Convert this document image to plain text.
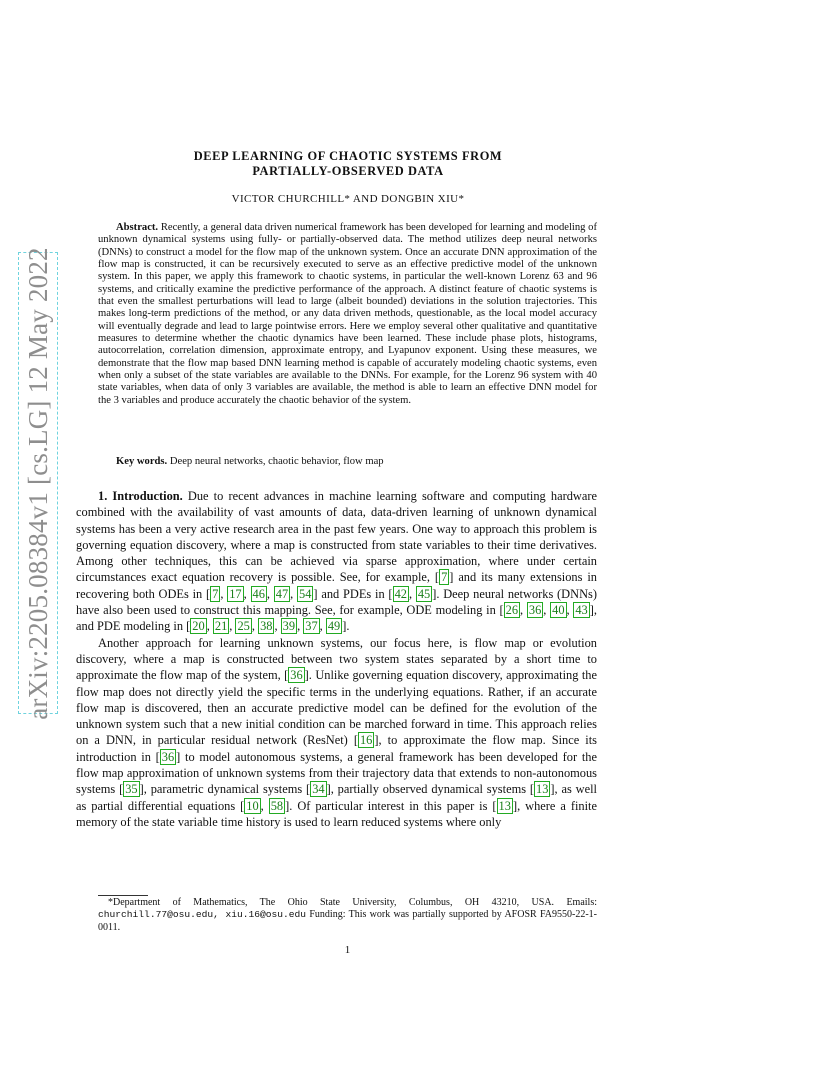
arXiv:2205.08384v1 [cs.LG] 12 May 2022
DEEP LEARNING OF CHAOTIC SYSTEMS FROM
PARTIALLY-OBSERVED DATA
VICTOR CHURCHILL* AND DONGBIN XIU*
Abstract. Recently, a general data driven numerical framework has been developed for learning and modeling of unknown dynamical systems using fully- or partially-observed data. The method utilizes deep neural networks (DNNs) to construct a model for the flow map of the unknown system. Once an accurate DNN approximation of the flow map is constructed, it can be recursively executed to serve as an effective predictive model of the unknown system. In this paper, we apply this framework to chaotic systems, in particular the well-known Lorenz 63 and 96 systems, and critically examine the predictive performance of the approach. A distinct feature of chaotic systems is that even the smallest perturbations will lead to large (albeit bounded) deviations in the solution trajectories. This makes long-term predictions of the method, or any data driven methods, questionable, as the local model accuracy will eventually degrade and lead to large pointwise errors. Here we employ several other qualitative and quantitative measures to determine whether the chaotic dynamics have been learned. These include phase plots, histograms, autocorrelation, correlation dimension, approximate entropy, and Lyapunov exponent. Using these measures, we demonstrate that the flow map based DNN learning method is capable of accurately modeling chaotic systems, even when only a subset of the state variables are available to the DNNs. For example, for the Lorenz 96 system with 40 state variables, when data of only 3 variables are available, the method is able to learn an effective DNN model for the 3 variables and produce accurately the chaotic behavior of the system.
Key words. Deep neural networks, chaotic behavior, flow map

1. Introduction. Due to recent advances in machine learning software and computing hardware combined with the availability of vast amounts of data, data-driven learning of unknown dynamical systems has been a very active research area in the past few years. One way to approach this problem is governing equation discovery, where a map is constructed from state variables to their time derivatives. Among other techniques, this can be achieved via sparse approximation, where under certain circumstances exact equation recovery is possible. See, for example, [ 7 ] and its many extensions in recovering both ODEs in [ 7 , 17 , 46 , 47 , 54 ] and PDEs in [ 42 , 45 ]. Deep neural networks (DNNs) have also been used to construct this mapping. See, for example, ODE modeling in [ 26 , 36 , 40 , 43 ], and PDE modeling in [ 20 , 21 , 25 , 38 , 39 , 37 , 49 ].

Another approach for learning unknown systems, our focus here, is flow map or evolution discovery, where a map is constructed between two system states separated by a short time to approximate the flow map of the system, [ 36 ]. Unlike governing equation discovery, approximating the flow map does not directly yield the specific terms in the underlying equations. Rather, if an accurate flow map is discovered, then an accurate predictive model can be defined for the evolution of the unknown system such that a new initial condition can be marched forward in time. This approach relies on a DNN, in particular residual network (ResNet) [ 16 ], to approximate the flow map. Since its introduction in [ 36 ] to model autonomous systems, a general framework has been developed for the flow map approximation of unknown systems from their trajectory data that extends to non-autonomous systems [ 35 ], parametric dynamical systems [ 34 ], partially observed dynamical systems [ 13 ], as well as partial differential equations [ 10 , 58 ]. Of particular interest in this paper is [ 13 ], where a finite memory of the state variable time history is used to learn reduced systems where only

*Department of Mathematics, The Ohio State University, Columbus, OH 43210, USA. Emails: churchill.77@osu.edu, xiu.16@osu.edu Funding: This work was partially supported by AFOSR FA9550-22-1-0011.
1
